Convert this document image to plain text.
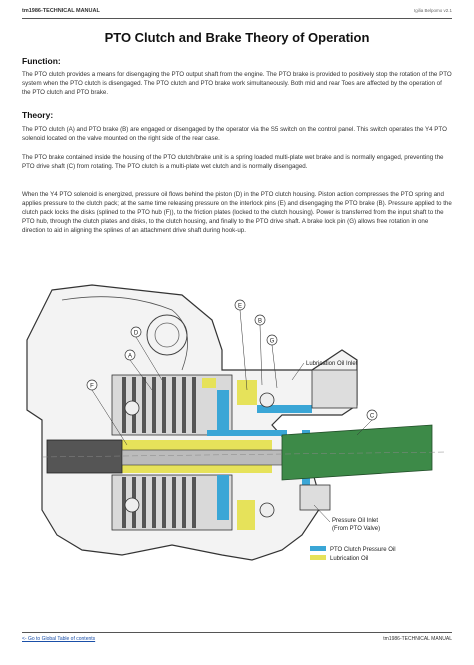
tm1986-TECHNICAL MANUAL	Igilia Belpomo v2.1
PTO Clutch and Brake Theory of Operation
Function:
The PTO clutch provides a means for disengaging the PTO output shaft from the engine. The PTO brake is provided to positively stop the rotation of the PTO system when the PTO clutch is disengaged. The PTO clutch and PTO brake work simultaneously. Both mid and rear Toes are affected by the operation of the PTO clutch and PTO brake.
Theory:
The PTO clutch (A) and PTO brake (B) are engaged or disengaged by the operator via the S5 switch on the control panel. This switch operates the Y4 PTO solenoid located on the valve mounted on the right side of the rear case.
The PTO brake contained inside the housing of the PTO clutch/brake unit is a spring loaded multi-plate wet brake and is normally engaged, preventing the PTO drive shaft (C) from rotating. The PTO clutch is a multi-plate wet clutch and is normally disengaged.
When the Y4 PTO solenoid is energized, pressure oil flows behind the piston (D) in the PTO clutch housing. Piston action compresses the PTO spring and applies pressure to the clutch pack; at the same time releasing pressure on the interlock pins (E) and disengaging the PTO brake (B). Pressure applied to the clutch pack locks the disks (splined to the PTO hub (F)), to the friction plates (locked to the clutch housing). Power is transferred from the input shaft to the PTO hub, through the clutch plates and disks, to the clutch housing, and finally to the PTO drive shaft. A brake lock pin (G) allows free rotation in one direction to aid in aligning the splines of an attachment drive shaft during hook-up.
E
B
D
A
G
F
C
Lubrication Oil Inlet
Pressure Oil Inlet
(From PTO Valve)
PTO Clutch Pressure Oil
Lubrication Oil
<- Go to Global Table of contents	tm1986-TECHNICAL MANUAL
